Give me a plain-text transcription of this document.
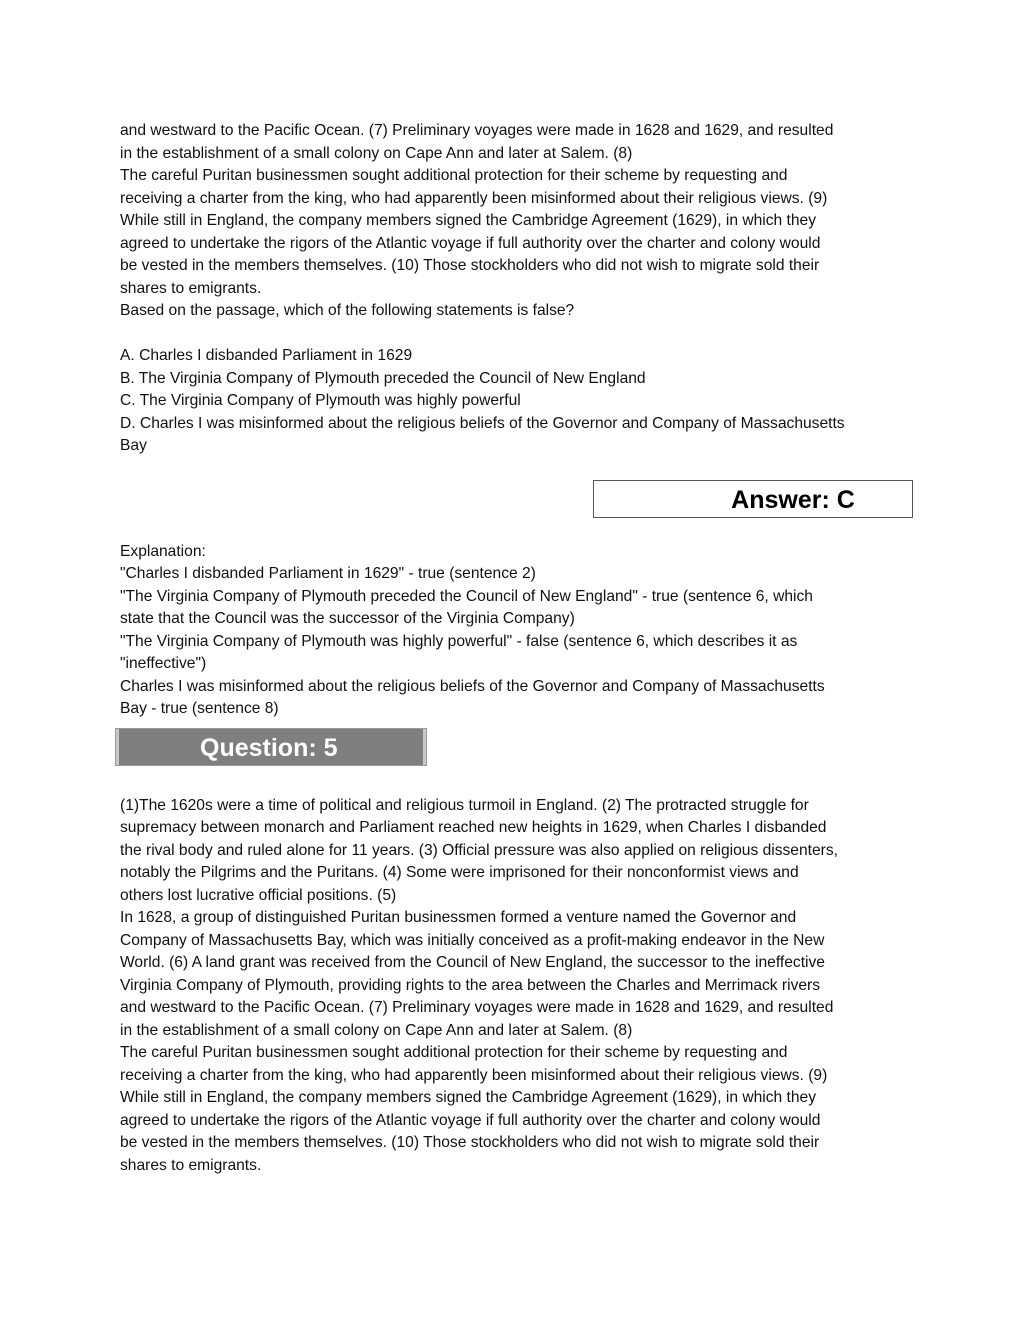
and westward to the Pacific Ocean. (7) Preliminary voyages were made in 1628 and 1629, and resulted
in the establishment of a small colony on Cape Ann and later at Salem. (8)
The careful Puritan businessmen sought additional protection for their scheme by requesting and
receiving a charter from the king, who had apparently been misinformed about their religious views. (9)
While still in England, the company members signed the Cambridge Agreement (1629), in which they
agreed to undertake the rigors of the Atlantic voyage if full authority over the charter and colony would
be vested in the members themselves. (10) Those stockholders who did not wish to migrate sold their
shares to emigrants.
Based on the passage, which of the following statements is false?
A. Charles I disbanded Parliament in 1629
B. The Virginia Company of Plymouth preceded the Council of New England
C. The Virginia Company of Plymouth was highly powerful
D. Charles I was misinformed about the religious beliefs of the Governor and Company of Massachusetts
Bay
Answer: C
Explanation:
"Charles I disbanded Parliament in 1629" - true (sentence 2)
"The Virginia Company of Plymouth preceded the Council of New England" - true (sentence 6, which
state that the Council was the successor of the Virginia Company)
"The Virginia Company of Plymouth was highly powerful" - false (sentence 6, which describes it as
"ineffective")
Charles I was misinformed about the religious beliefs of the Governor and Company of Massachusetts
Bay - true (sentence 8)
Question: 5
(1)The 1620s were a time of political and religious turmoil in England. (2) The protracted struggle for
supremacy between monarch and Parliament reached new heights in 1629, when Charles I disbanded
the rival body and ruled alone for 11 years. (3) Official pressure was also applied on religious dissenters,
notably the Pilgrims and the Puritans. (4) Some were imprisoned for their nonconformist views and
others lost lucrative official positions. (5)
In 1628, a group of distinguished Puritan businessmen formed a venture named the Governor and
Company of Massachusetts Bay, which was initially conceived as a profit-making endeavor in the New
World. (6) A land grant was received from the Council of New England, the successor to the ineffective
Virginia Company of Plymouth, providing rights to the area between the Charles and Merrimack rivers
and westward to the Pacific Ocean. (7) Preliminary voyages were made in 1628 and 1629, and resulted
in the establishment of a small colony on Cape Ann and later at Salem. (8)
The careful Puritan businessmen sought additional protection for their scheme by requesting and
receiving a charter from the king, who had apparently been misinformed about their religious views. (9)
While still in England, the company members signed the Cambridge Agreement (1629), in which they
agreed to undertake the rigors of the Atlantic voyage if full authority over the charter and colony would
be vested in the members themselves. (10) Those stockholders who did not wish to migrate sold their
shares to emigrants.
